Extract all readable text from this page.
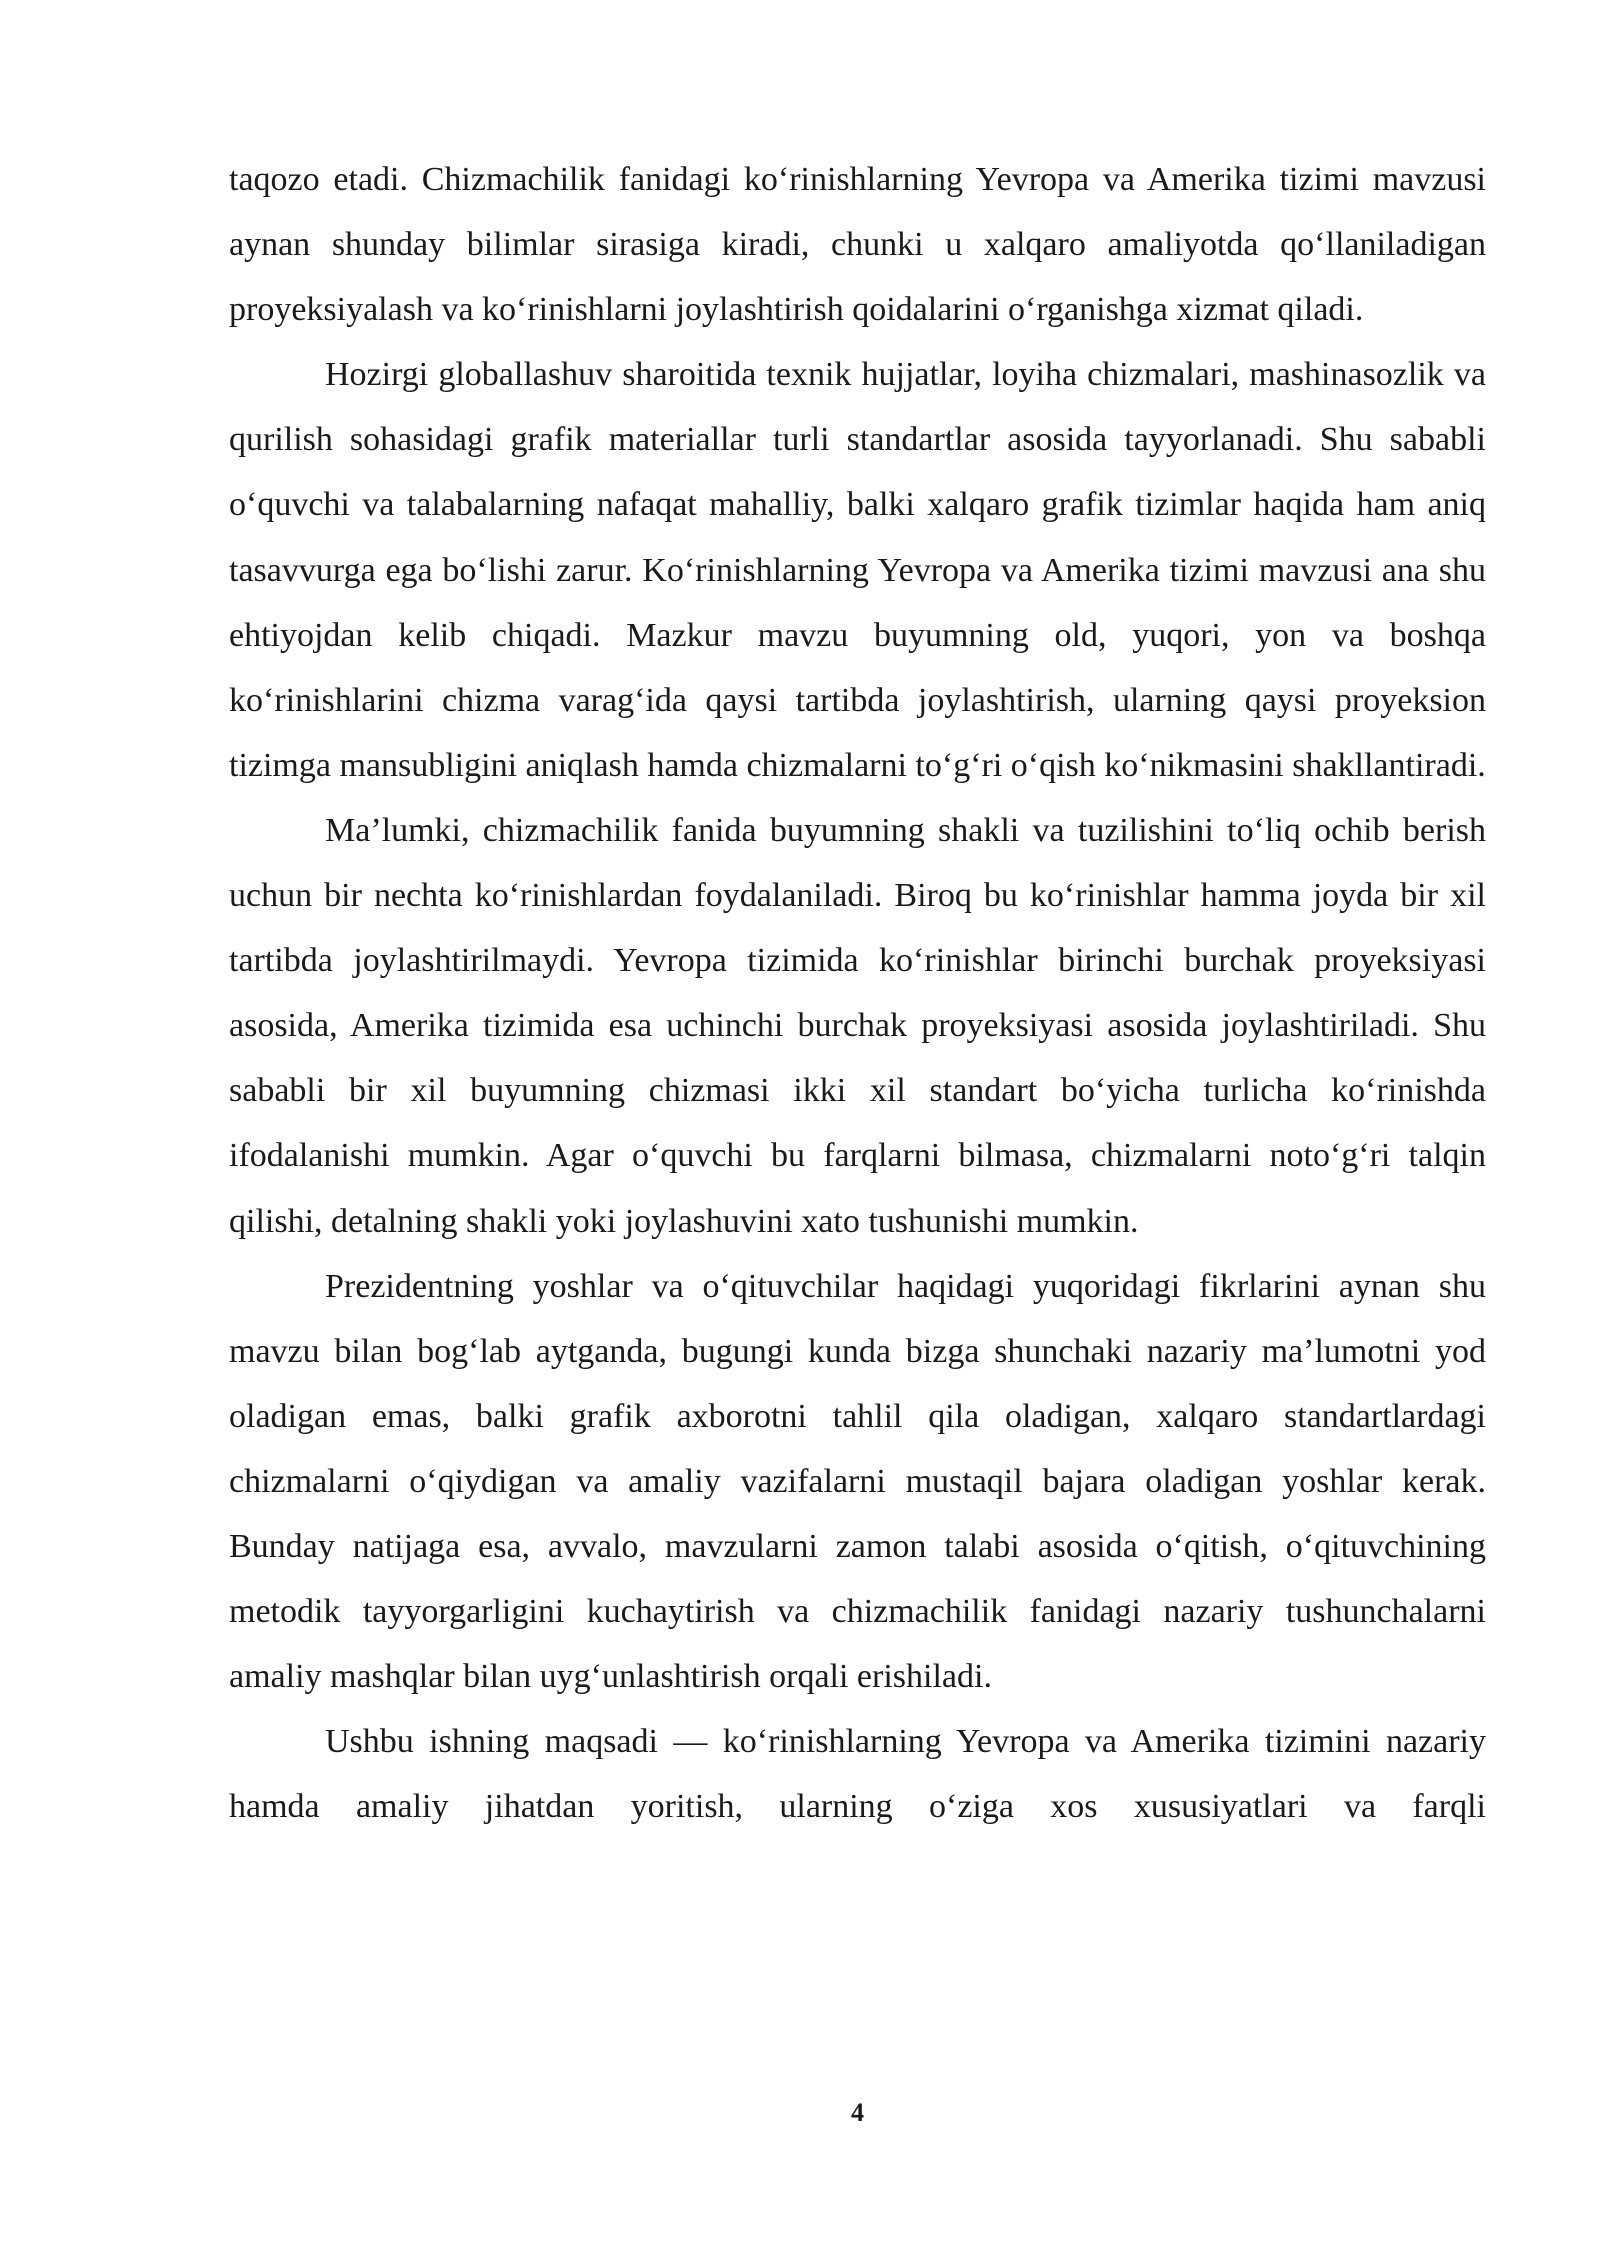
taqozo etadi. Chizmachilik fanidagi ko‘rinishlarning Yevropa va Amerika tizimi mavzusi aynan shunday bilimlar sirasiga kiradi, chunki u xalqaro amaliyotda qo‘llaniladigan proyeksiyalash va ko‘rinishlarni joylashtirish qoidalarini o‘rganishga xizmat qiladi.

Hozirgi globallashuv sharoitida texnik hujjatlar, loyiha chizmalari, mashinasozlik va qurilish sohasidagi grafik materiallar turli standartlar asosida tayyorlanadi. Shu sababli o‘quvchi va talabalarning nafaqat mahalliy, balki xalqaro grafik tizimlar haqida ham aniq tasavvurga ega bo‘lishi zarur. Ko‘rinishlarning Yevropa va Amerika tizimi mavzusi ana shu ehtiyojdan kelib chiqadi. Mazkur mavzu buyumning old, yuqori, yon va boshqa ko‘rinishlarini chizma varag‘ida qaysi tartibda joylashtirish, ularning qaysi proyeksion tizimga mansubligini aniqlash hamda chizmalarni to‘g‘ri o‘qish ko‘nikmasini shakllantiradi.

Ma’lumki, chizmachilik fanida buyumning shakli va tuzilishini to‘liq ochib berish uchun bir nechta ko‘rinishlardan foydalaniladi. Biroq bu ko‘rinishlar hamma joyda bir xil tartibda joylashtirilmaydi. Yevropa tizimida ko‘rinishlar birinchi burchak proyeksiyasi asosida, Amerika tizimida esa uchinchi burchak proyeksiyasi asosida joylashtiriladi. Shu sababli bir xil buyumning chizmasi ikki xil standart bo‘yicha turlicha ko‘rinishda ifodalanishi mumkin. Agar o‘quvchi bu farqlarni bilmasa, chizmalarni noto‘g‘ri talqin qilishi, detalning shakli yoki joylashuvini xato tushunishi mumkin.

Prezidentning yoshlar va o‘qituvchilar haqidagi yuqoridagi fikrlarini aynan shu mavzu bilan bog‘lab aytganda, bugungi kunda bizga shunchaki nazariy ma’lumotni yod oladigan emas, balki grafik axborotni tahlil qila oladigan, xalqaro standartlardagi chizmalarni o‘qiydigan va amaliy vazifalarni mustaqil bajara oladigan yoshlar kerak. Bunday natijaga esa, avvalo, mavzularni zamon talabi asosida o‘qitish, o‘qituvchining metodik tayyorgarligini kuchaytirish va chizmachilik fanidagi nazariy tushunchalarni amaliy mashqlar bilan uyg‘unlashtirish orqali erishiladi.

Ushbu ishning maqsadi — ko‘rinishlarning Yevropa va Amerika tizimini nazariy hamda amaliy jihatdan yoritish, ularning o‘ziga xos xususiyatlari va farqli

4
